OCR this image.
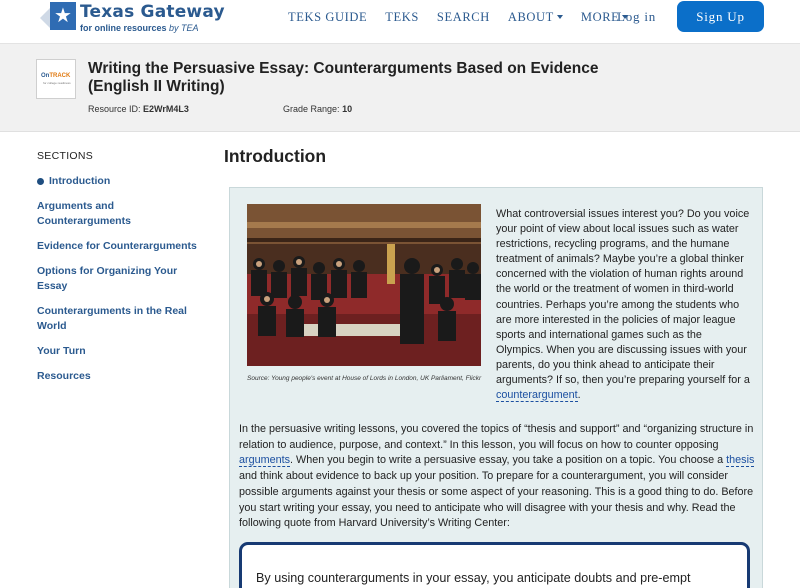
★ Texas Gateway
for online resources by TEA
TEKS GUIDE TEKS SEARCH ABOUT MORE
Log in	Sign Up
OnTRACK
for college readiness
Writing the Persuasive Essay: Counterarguments Based on Evidence (English II Writing)
Resource ID: E2WrM4L3	Grade Range: 10
SECTIONS
Introduction
Arguments and Counterarguments
Evidence for Counterarguments
Options for Organizing Your Essay
Counterarguments in the Real World
Your Turn
Resources
Introduction
Source: Young people's event at House of Lords in London, UK Parliament, Flickr
What controversial issues interest you? Do you voice your point of view about local issues such as water restrictions, recycling programs, and the humane treatment of animals? Maybe you’re a global thinker concerned with the violation of human rights around the world or the treatment of women in third-world countries. Perhaps you’re among the students who are more interested in the policies of major league sports and international games such as the Olympics. When you are discussing issues with your parents, do you think ahead to anticipate their arguments? If so, then you’re preparing yourself for a counterargument.
In the persuasive writing lessons, you covered the topics of “thesis and support” and “organizing structure in relation to audience, purpose, and context.” In this lesson, you will focus on how to counter opposing arguments. When you begin to write a persuasive essay, you take a position on a topic. You choose a thesis and think about evidence to back up your position. To prepare for a counterargument, you will consider possible arguments against your thesis or some aspect of your reasoning. This is a good thing to do. Before you start writing your essay, you need to anticipate who will disagree with your thesis and why. Read the following quote from Harvard University’s Writing Center:
By using counterarguments in your essay, you anticipate doubts and pre-empt
